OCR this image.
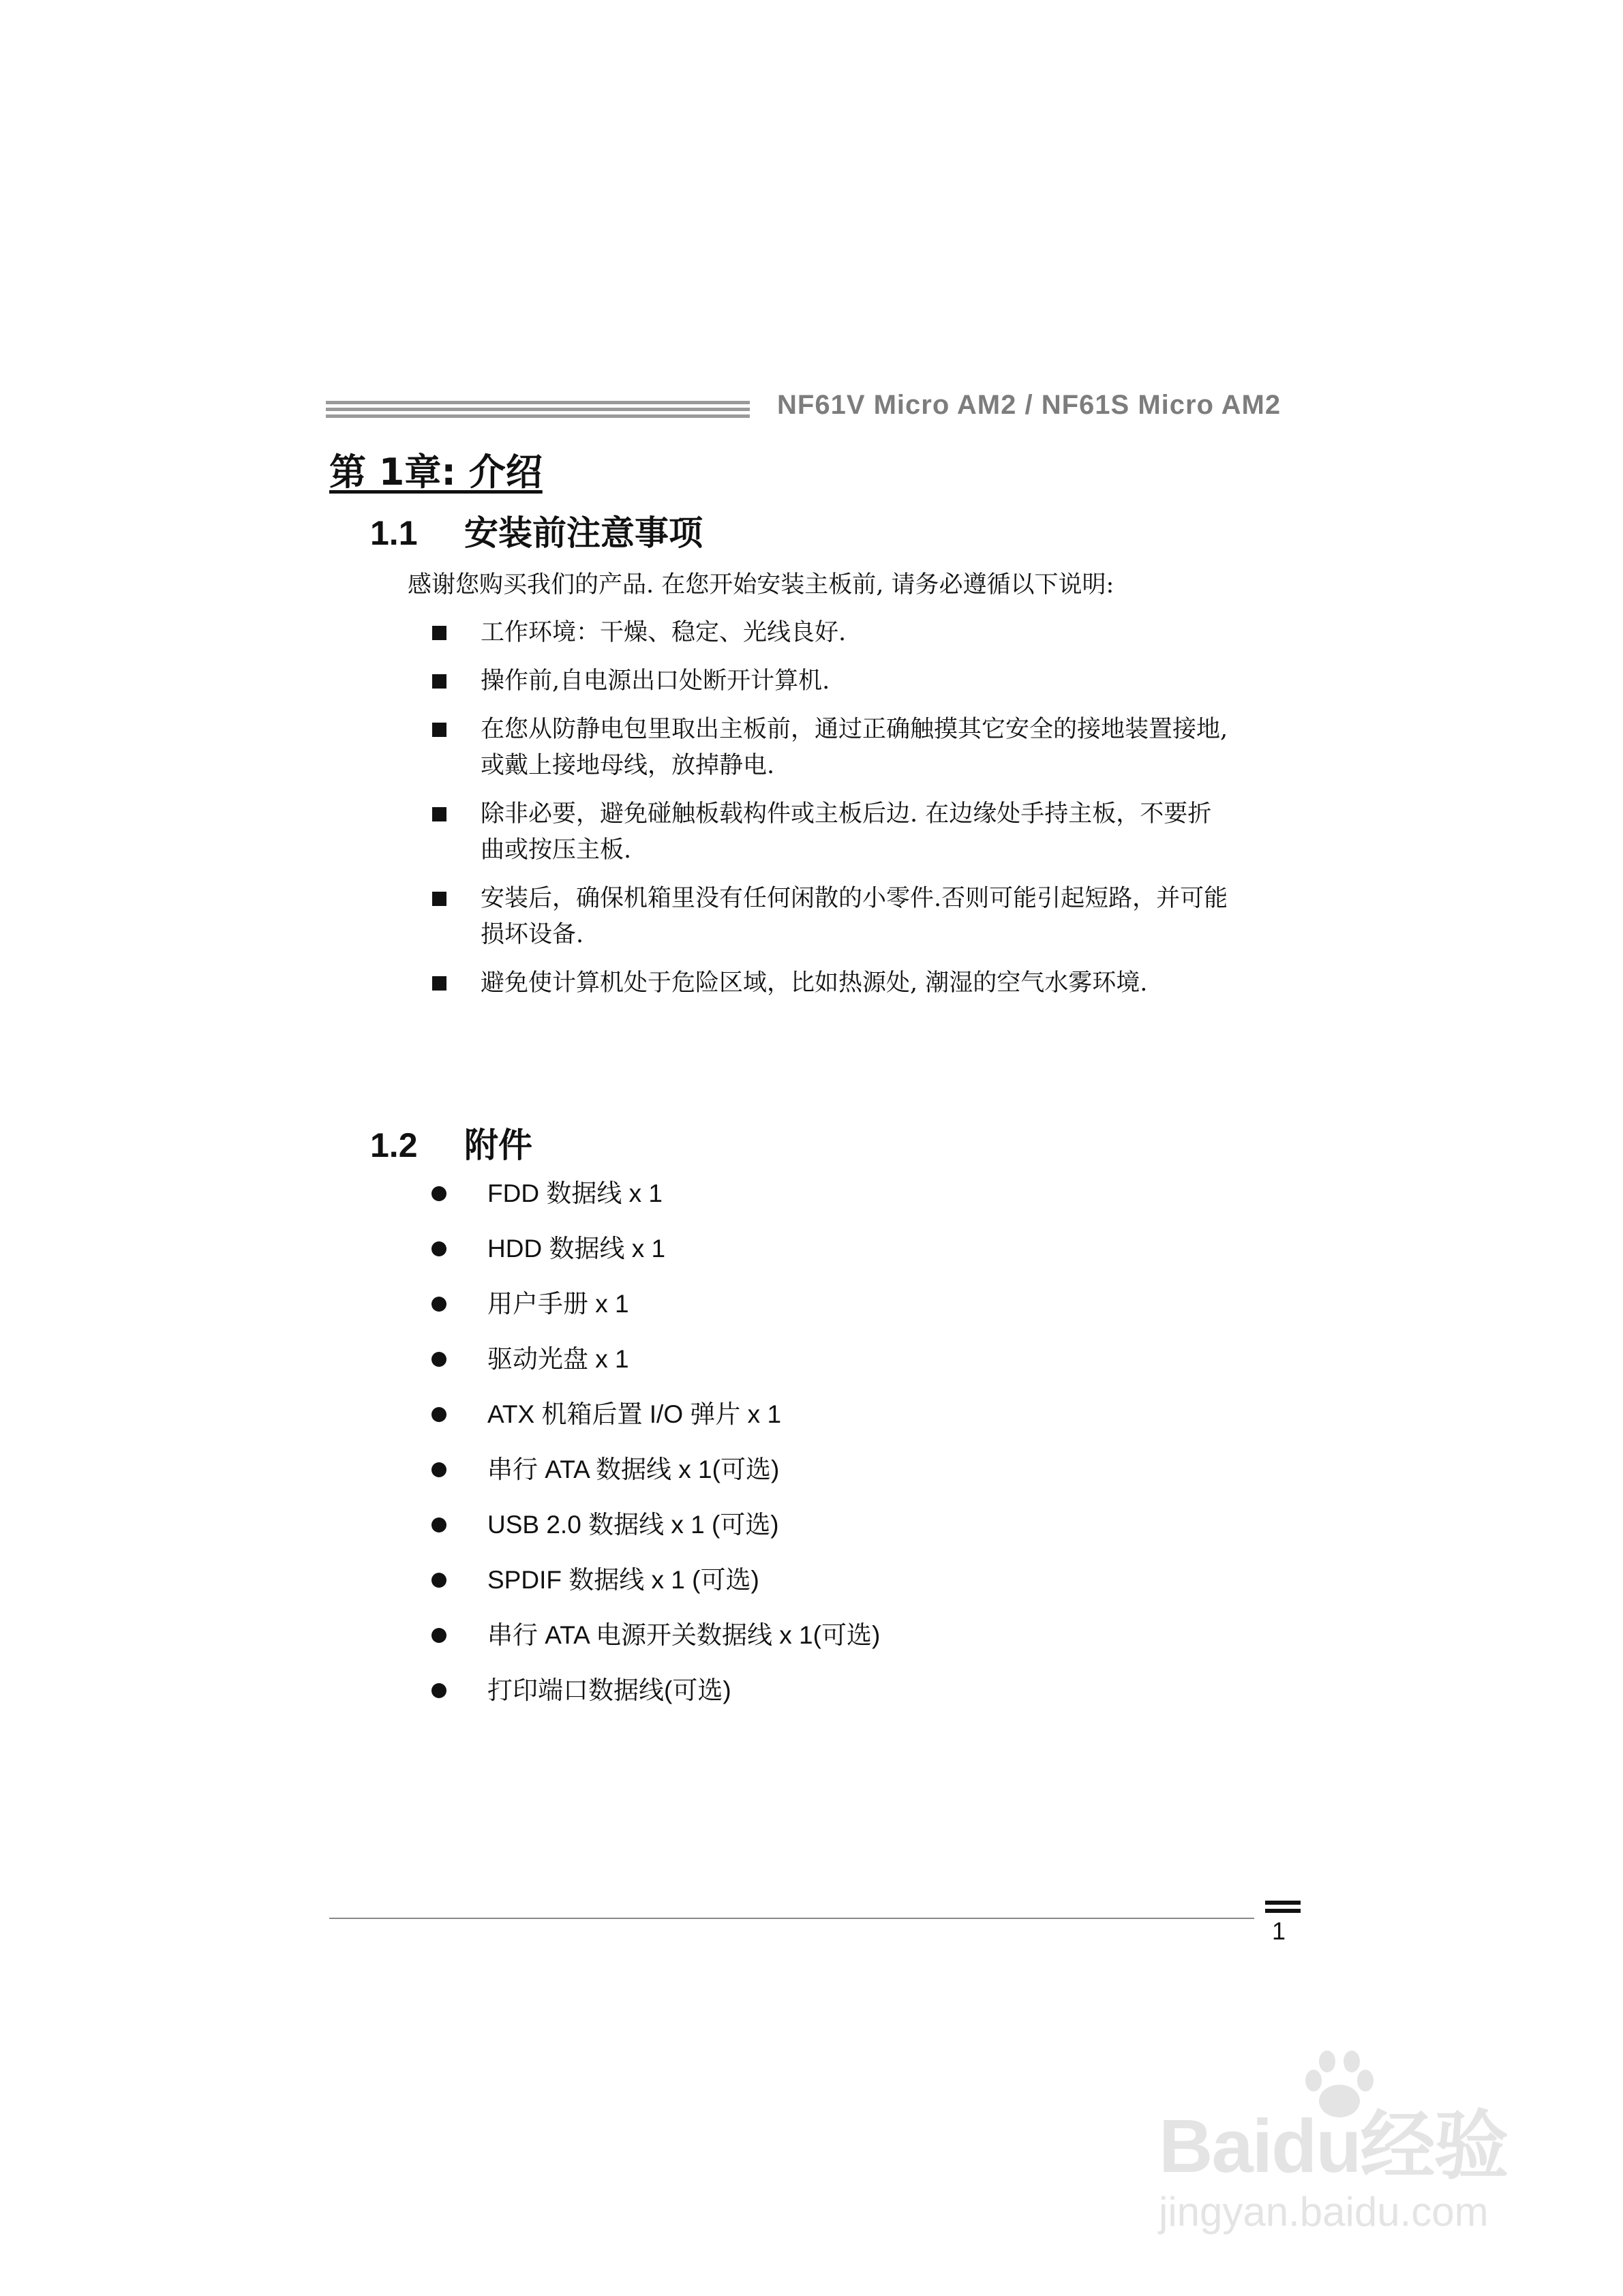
NF61V Micro AM2 / NF61S Micro AM2
第 1章: 介绍
1.1 安装前注意事项
感谢您购买我们的产品. 在您开始安装主板前, 请务必遵循以下说明:
工作环境：干燥、稳定、光线良好.
操作前,自电源出口处断开计算机.
在您从防静电包里取出主板前，通过正确触摸其它安全的接地装置接地,或戴上接地母线，放掉静电.
除非必要，避免碰触板载构件或主板后边. 在边缘处手持主板，不要折曲或按压主板.
安装后，确保机箱里没有任何闲散的小零件.否则可能引起短路，并可能损坏设备.
避免使计算机处于危险区域，比如热源处, 潮湿的空气水雾环境.
1.2 附件
FDD 数据线 x 1
HDD 数据线 x 1
用户手册 x 1
驱动光盘 x 1
ATX 机箱后置 I/O 弹片 x 1
串行 ATA 数据线 x 1(可选)
USB 2.0 数据线 x 1 (可选)
SPDIF 数据线 x 1 (可选)
串行 ATA 电源开关数据线 x 1(可选)
打印端口数据线(可选)
1
Baidu经验
jingyan.baidu.com
